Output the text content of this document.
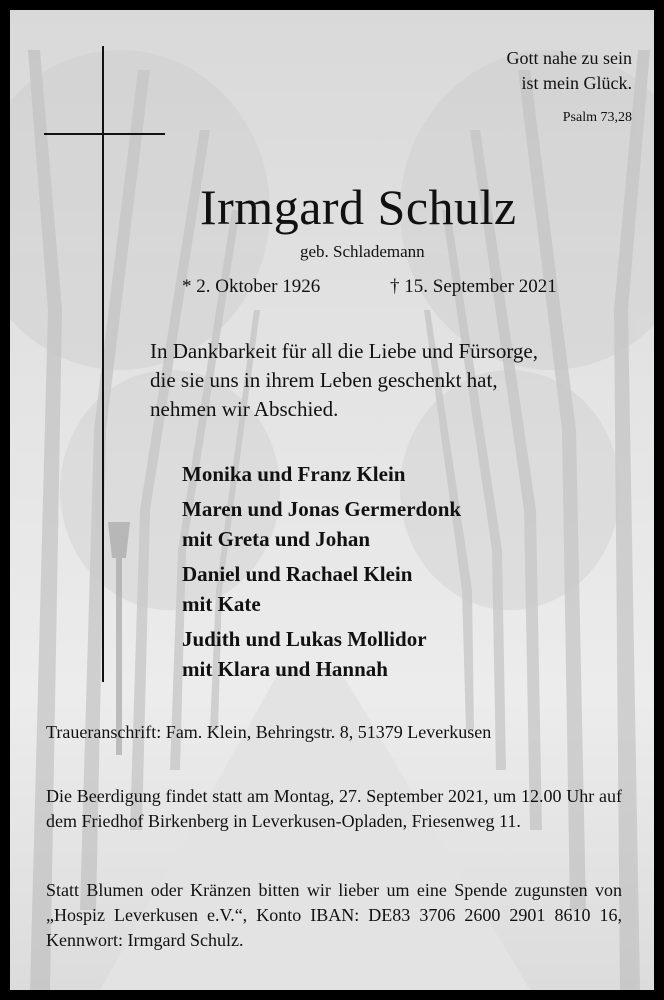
Gott nahe zu sein
ist mein Glück.
Psalm 73,28
Irmgard Schulz
geb. Schlademann
* 2. Oktober 1926	† 15. September 2021

In Dankbarkeit für all die Liebe und Fürsorge,

die sie uns in ihrem Leben geschenkt hat,

nehmen wir Abschied.

Monika und Franz Klein
Maren und Jonas Germerdonk
mit Greta und Johan
Daniel und Rachael Klein
mit Kate
Judith und Lukas Mollidor
mit Klara und Hannah
Traueranschrift: Fam. Klein, Behringstr. 8, 51379 Leverkusen
Die Beerdigung findet statt am Montag, 27. September 2021, um 12.00 Uhr auf dem Friedhof Birkenberg in Leverkusen-Opladen, Friesenweg 11.
Statt Blumen oder Kränzen bitten wir lieber um eine Spende zugunsten von „Hospiz Leverkusen e.V.“, Konto IBAN: DE83 3706 2600 2901 8610 16, Kennwort: Irmgard Schulz.
